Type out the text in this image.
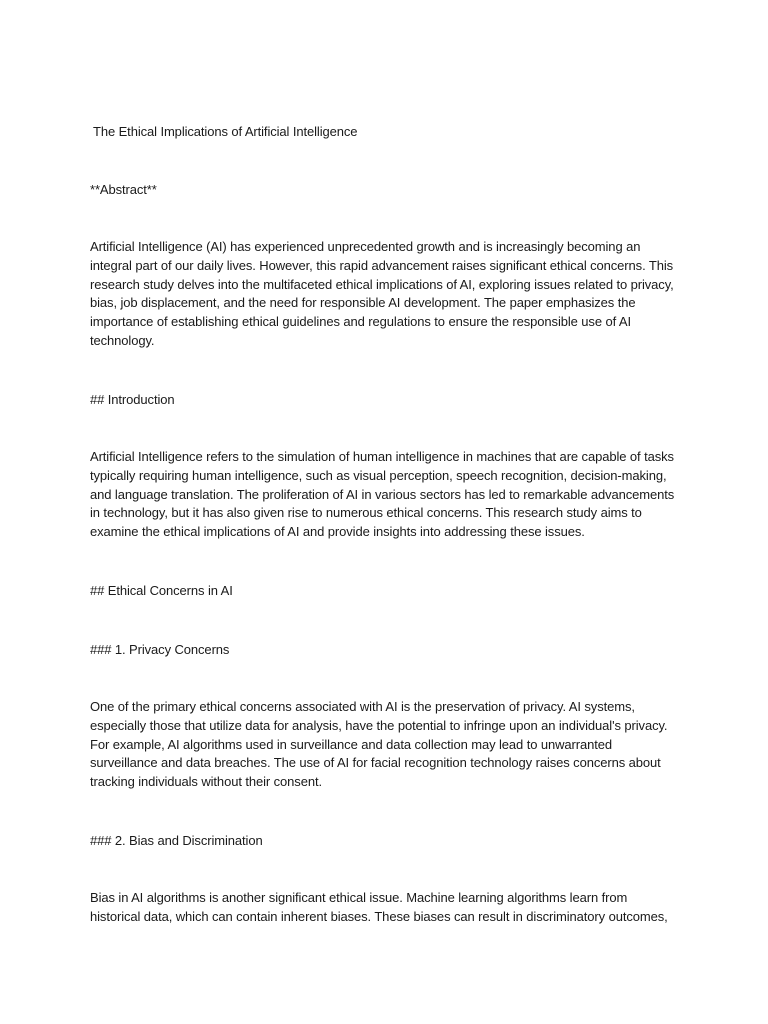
The Ethical Implications of Artificial Intelligence
**Abstract**
Artificial Intelligence (AI) has experienced unprecedented growth and is increasingly becoming an
integral part of our daily lives. However, this rapid advancement raises significant ethical concerns. This
research study delves into the multifaceted ethical implications of AI, exploring issues related to privacy,
bias, job displacement, and the need for responsible AI development. The paper emphasizes the
importance of establishing ethical guidelines and regulations to ensure the responsible use of AI
technology.
## Introduction
Artificial Intelligence refers to the simulation of human intelligence in machines that are capable of tasks
typically requiring human intelligence, such as visual perception, speech recognition, decision-making,
and language translation. The proliferation of AI in various sectors has led to remarkable advancements
in technology, but it has also given rise to numerous ethical concerns. This research study aims to
examine the ethical implications of AI and provide insights into addressing these issues.
## Ethical Concerns in AI
### 1. Privacy Concerns
One of the primary ethical concerns associated with AI is the preservation of privacy. AI systems,
especially those that utilize data for analysis, have the potential to infringe upon an individual's privacy.
For example, AI algorithms used in surveillance and data collection may lead to unwarranted
surveillance and data breaches. The use of AI for facial recognition technology raises concerns about
tracking individuals without their consent.
### 2. Bias and Discrimination
Bias in AI algorithms is another significant ethical issue. Machine learning algorithms learn from
historical data, which can contain inherent biases. These biases can result in discriminatory outcomes,
